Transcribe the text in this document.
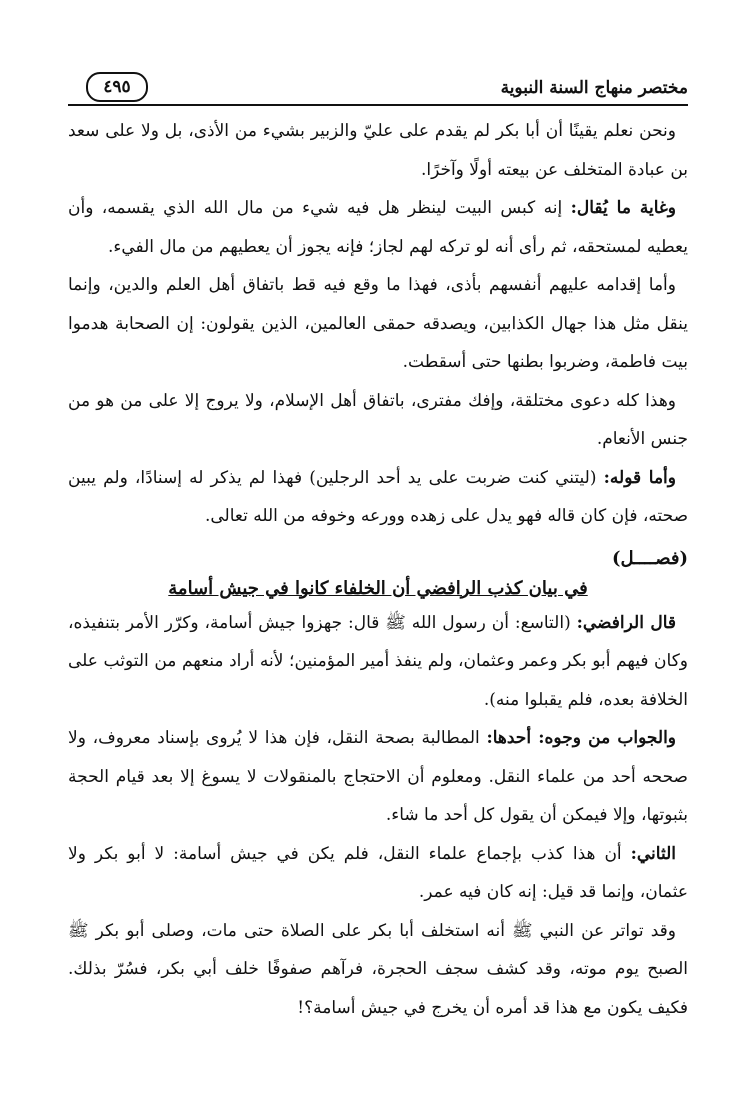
مختصر منهاج السنة النبوية
٤٩٥

ونحن نعلم يقينًا أن أبا بكر لم يقدم على عليّ والزبير بشيء من الأذى، بل ولا على سعد بن عبادة المتخلف عن بيعته أولًا وآخرًا.

وغاية ما يُقال: إنه كبس البيت لينظر هل فيه شيء من مال الله الذي يقسمه، وأن يعطيه لمستحقه، ثم رأى أنه لو تركه لهم لجاز؛ فإنه يجوز أن يعطيهم من مال الفيء.

وأما إقدامه عليهم أنفسهم بأذى، فهذا ما وقع فيه قط باتفاق أهل العلم والدين، وإنما ينقل مثل هذا جهال الكذابين، ويصدقه حمقى العالمين، الذين يقولون: إن الصحابة هدموا بيت فاطمة، وضربوا بطنها حتى أسقطت.

وهذا كله دعوى مختلقة، وإفك مفترى، باتفاق أهل الإسلام، ولا يروج إلا على من هو من جنس الأنعام.

وأما قوله: (ليتني كنت ضربت على يد أحد الرجلين) فهذا لم يذكر له إسنادًا، ولم يبين صحته، فإن كان قاله فهو يدل على زهده وورعه وخوفه من الله تعالى.

(فصــــل)
في بيان كذب الرافضي أن الخلفاء كانوا في جيش أسامة

قال الرافضي: (التاسع: أن رسول الله ﷺ قال: جهزوا جيش أسامة، وكرّر الأمر بتنفيذه، وكان فيهم أبو بكر وعمر وعثمان، ولم ينفذ أمير المؤمنين؛ لأنه أراد منعهم من التوثب على الخلافة بعده، فلم يقبلوا منه).

والجواب من وجوه: أحدها: المطالبة بصحة النقل، فإن هذا لا يُروى بإسناد معروف، ولا صححه أحد من علماء النقل. ومعلوم أن الاحتجاج بالمنقولات لا يسوغ إلا بعد قيام الحجة بثبوتها، وإلا فيمكن أن يقول كل أحد ما شاء.

الثاني: أن هذا كذب بإجماع علماء النقل، فلم يكن في جيش أسامة: لا أبو بكر ولا عثمان، وإنما قد قيل: إنه كان فيه عمر.

وقد تواتر عن النبي ﷺ أنه استخلف أبا بكر على الصلاة حتى مات، وصلى أبو بكر ﷺ الصبح يوم موته، وقد كشف سجف الحجرة، فرآهم صفوفًا خلف أبي بكر، فسُرّ بذلك. فكيف يكون مع هذا قد أمره أن يخرج في جيش أسامة؟!
